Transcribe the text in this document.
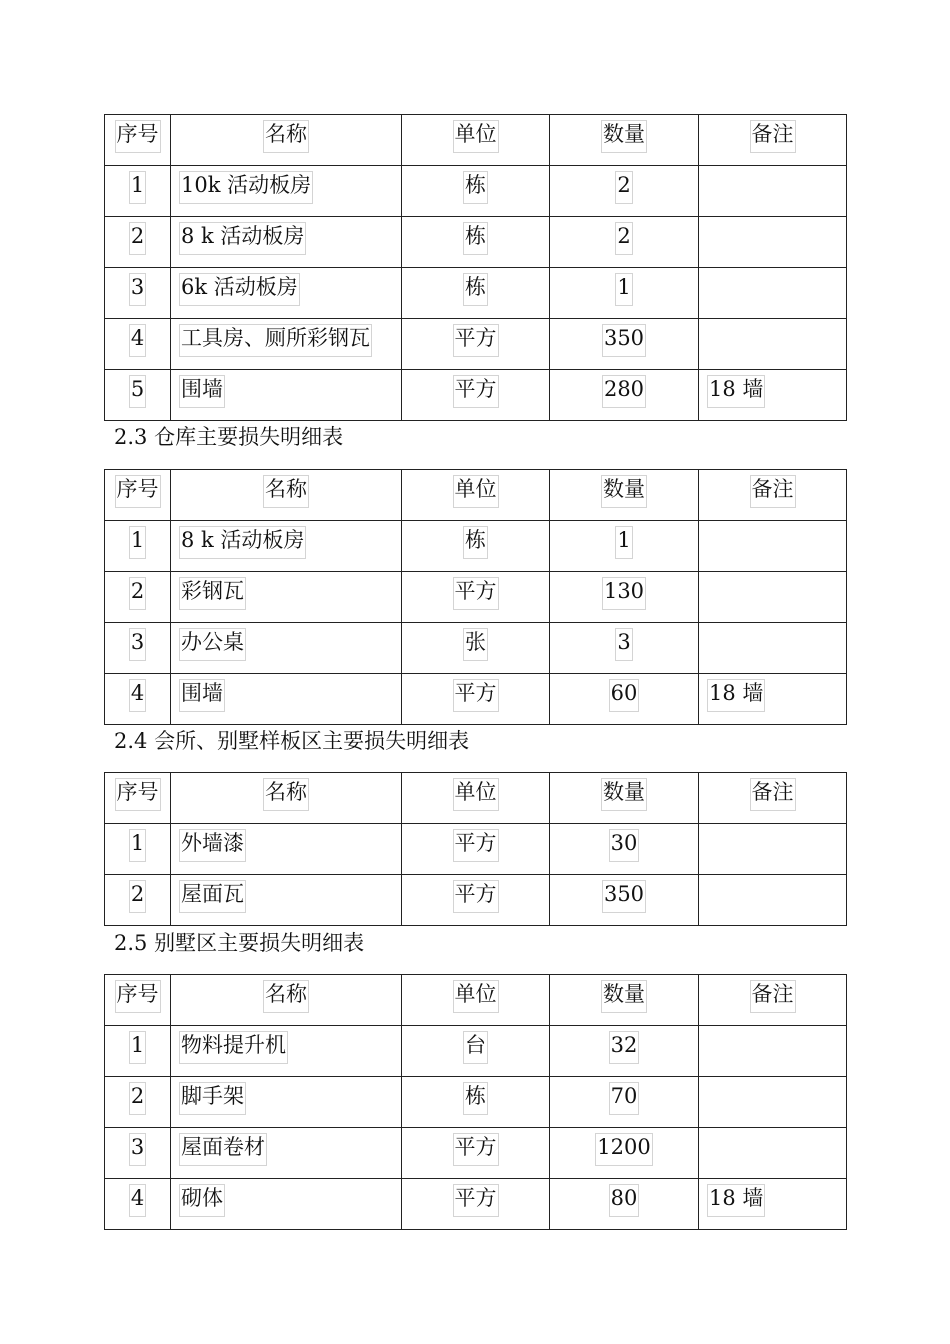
序号	名称	单位	数量	备注

1	10k 活动板房	栋	2	

2	8 k 活动板房	栋	2	

3	6k 活动板房	栋	1	

4	工具房、厕所彩钢瓦	平方	350	

5	围墙	平方	280	18 墙
2.3 仓库主要损失明细表
序号	名称	单位	数量	备注

1	8 k 活动板房	栋	1	

2	彩钢瓦	平方	130	

3	办公桌	张	3	

4	围墙	平方	60	18 墙
2.4 会所、别墅样板区主要损失明细表
序号	名称	单位	数量	备注

1	外墙漆	平方	30	

2	屋面瓦	平方	350	

2.5 别墅区主要损失明细表
序号	名称	单位	数量	备注

1	物料提升机	台	32	

2	脚手架	栋	70	

3	屋面卷材	平方	1200	

4	砌体	平方	80	18 墙
